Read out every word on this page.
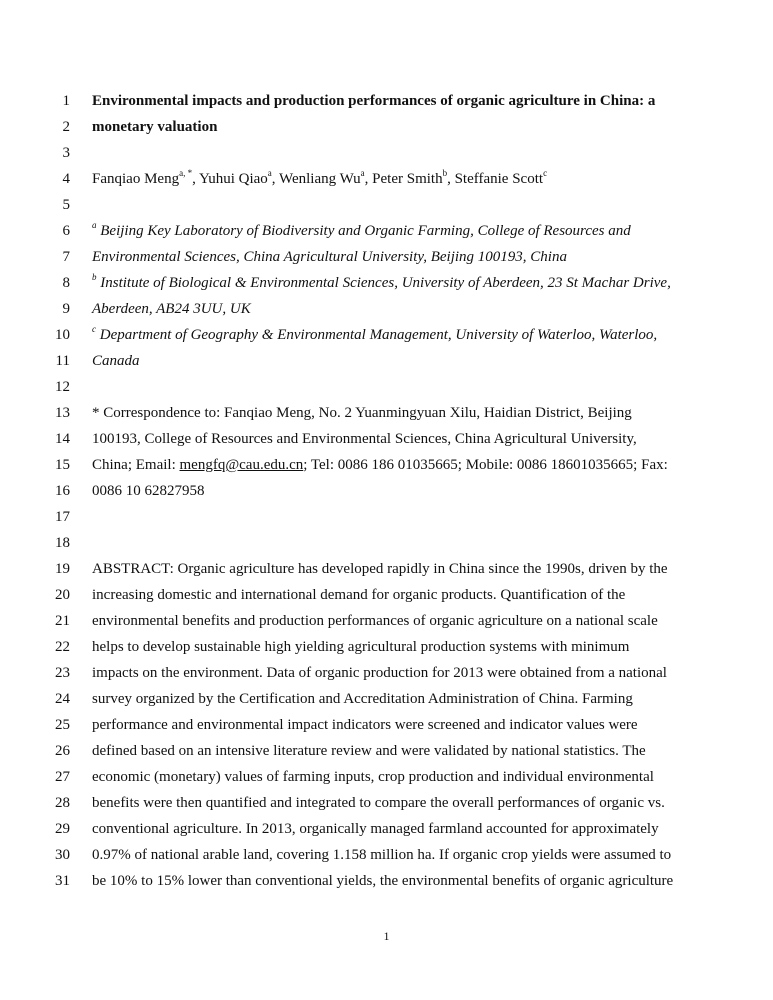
1 Environmental impacts and production performances of organic agriculture in China: a
2 monetary valuation
3
4 Fanqiao Meng$^{a, *}$, Yuhui Qiao$^a$, Wenliang Wu$^a$, Peter Smith$^b$, Steffanie Scott$^c$
5
6 $^a$ Beijing Key Laboratory of Biodiversity and Organic Farming, College of Resources and
7 Environmental Sciences, China Agricultural University, Beijing 100193, China
8 $^b$ Institute of Biological & Environmental Sciences, University of Aberdeen, 23 St Machar Drive,
9 Aberdeen, AB24 3UU, UK
10 $^c$ Department of Geography & Environmental Management, University of Waterloo, Waterloo,
11 Canada
12
13 * Correspondence to: Fanqiao Meng, No. 2 Yuanmingyuan Xilu, Haidian District, Beijing
14 100193, College of Resources and Environmental Sciences, China Agricultural University,
15 China; Email: mengfq@cau.edu.cn; Tel: 0086 186 01035665; Mobile: 0086 18601035665; Fax:
16 0086 10 62827958
17
18
19 ABSTRACT: Organic agriculture has developed rapidly in China since the 1990s, driven by the
20 increasing domestic and international demand for organic products. Quantification of the
21 environmental benefits and production performances of organic agriculture on a national scale
22 helps to develop sustainable high yielding agricultural production systems with minimum
23 impacts on the environment. Data of organic production for 2013 were obtained from a national
24 survey organized by the Certification and Accreditation Administration of China. Farming
25 performance and environmental impact indicators were screened and indicator values were
26 defined based on an intensive literature review and were validated by national statistics. The
27 economic (monetary) values of farming inputs, crop production and individual environmental
28 benefits were then quantified and integrated to compare the overall performances of organic vs.
29 conventional agriculture. In 2013, organically managed farmland accounted for approximately
30 0.97% of national arable land, covering 1.158 million ha. If organic crop yields were assumed to
31 be 10% to 15% lower than conventional yields, the environmental benefits of organic agriculture
1
